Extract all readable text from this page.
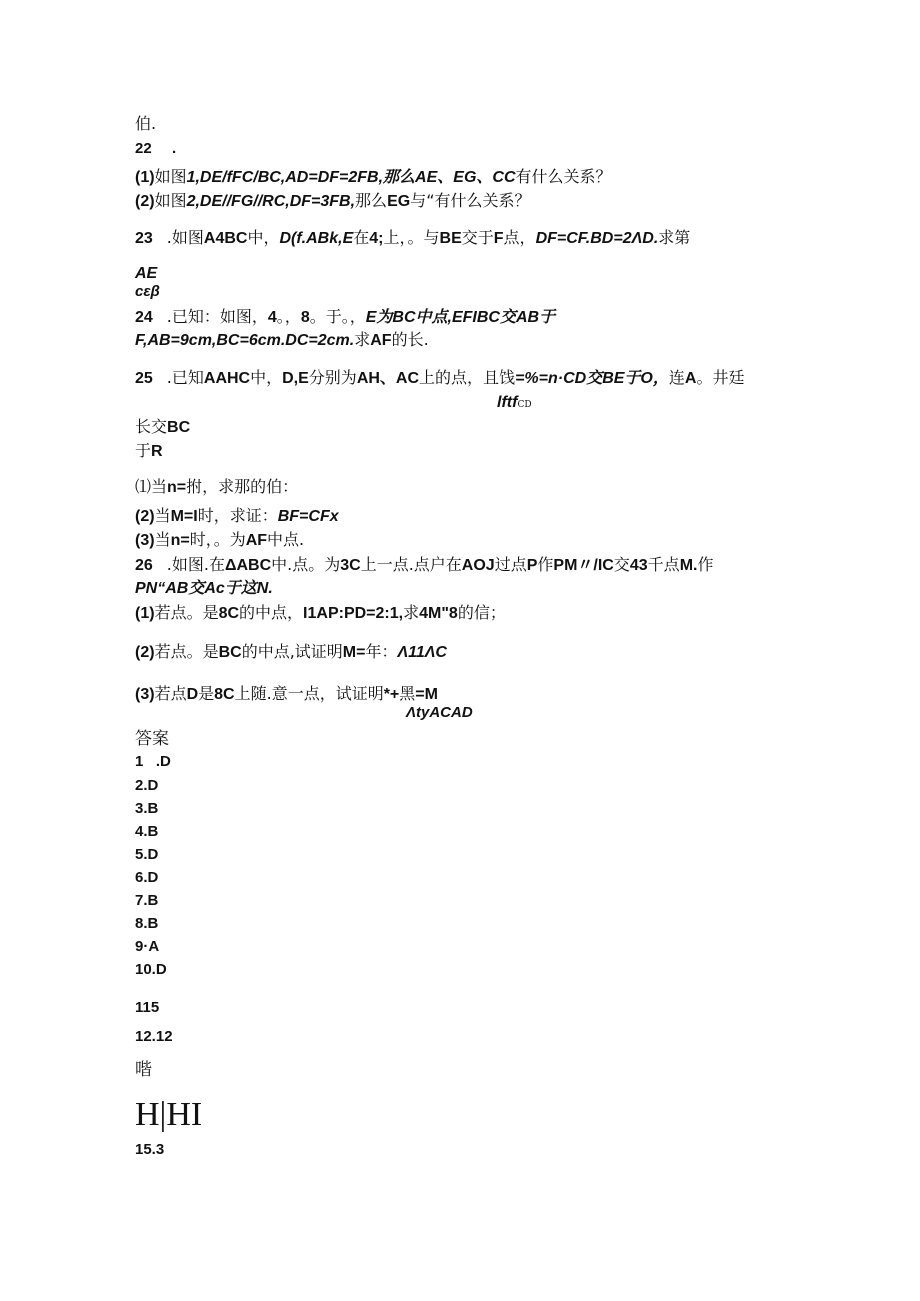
伯.
22 .
(1)如图1,DE/fFC/BC,AD=DF=2FB,那么AE、EG、CC有什么关系？
(2)如图2,DE//FG//RC,DF=3FB,那么EG与“有什么关系？
23 .如图A4BC中，D(f.ABk,E在4;上，。与BE交于F点，DF=CF.BD=2ΛD.求第
AE
cεβ
24 .已知：如图，4。，8。于。，E为BC中点,EFIBC交AB于
F,AB=9cm,BC=6cm.DC=2cm.求AF的长.
25 .已知AAHC中，D,E分别为AH、AC上的点，且饯=%=n·CD交BE于O，连A。井廷
lftfCD
长交BC
于R
⑴当n=拊，求那的伯：
(2)当M=I时，求证：BF=CFx
(3)当n=时，。为AF中点.
26 .如图.在ΔABC中.点。为3C上一点.点户在AOJ过点P作PM〃/IC交43千点M.作
PN“AB交Ac于这N.
(1)若点。是8C的中点，I1AP:PD=2:1,求4M"8的信；
(2)若点。是BC的中点,试证明M=年：Λ11ΛC
(3)若点D是8C上随.意一点，试证明*+黑=M
ΛtyACAD
答案
1   .D
2.D
3.B
4.B
5.D
6.D
7.B
8.B
9·A
10.D
115
12.12
喈
H|HI
15.3
